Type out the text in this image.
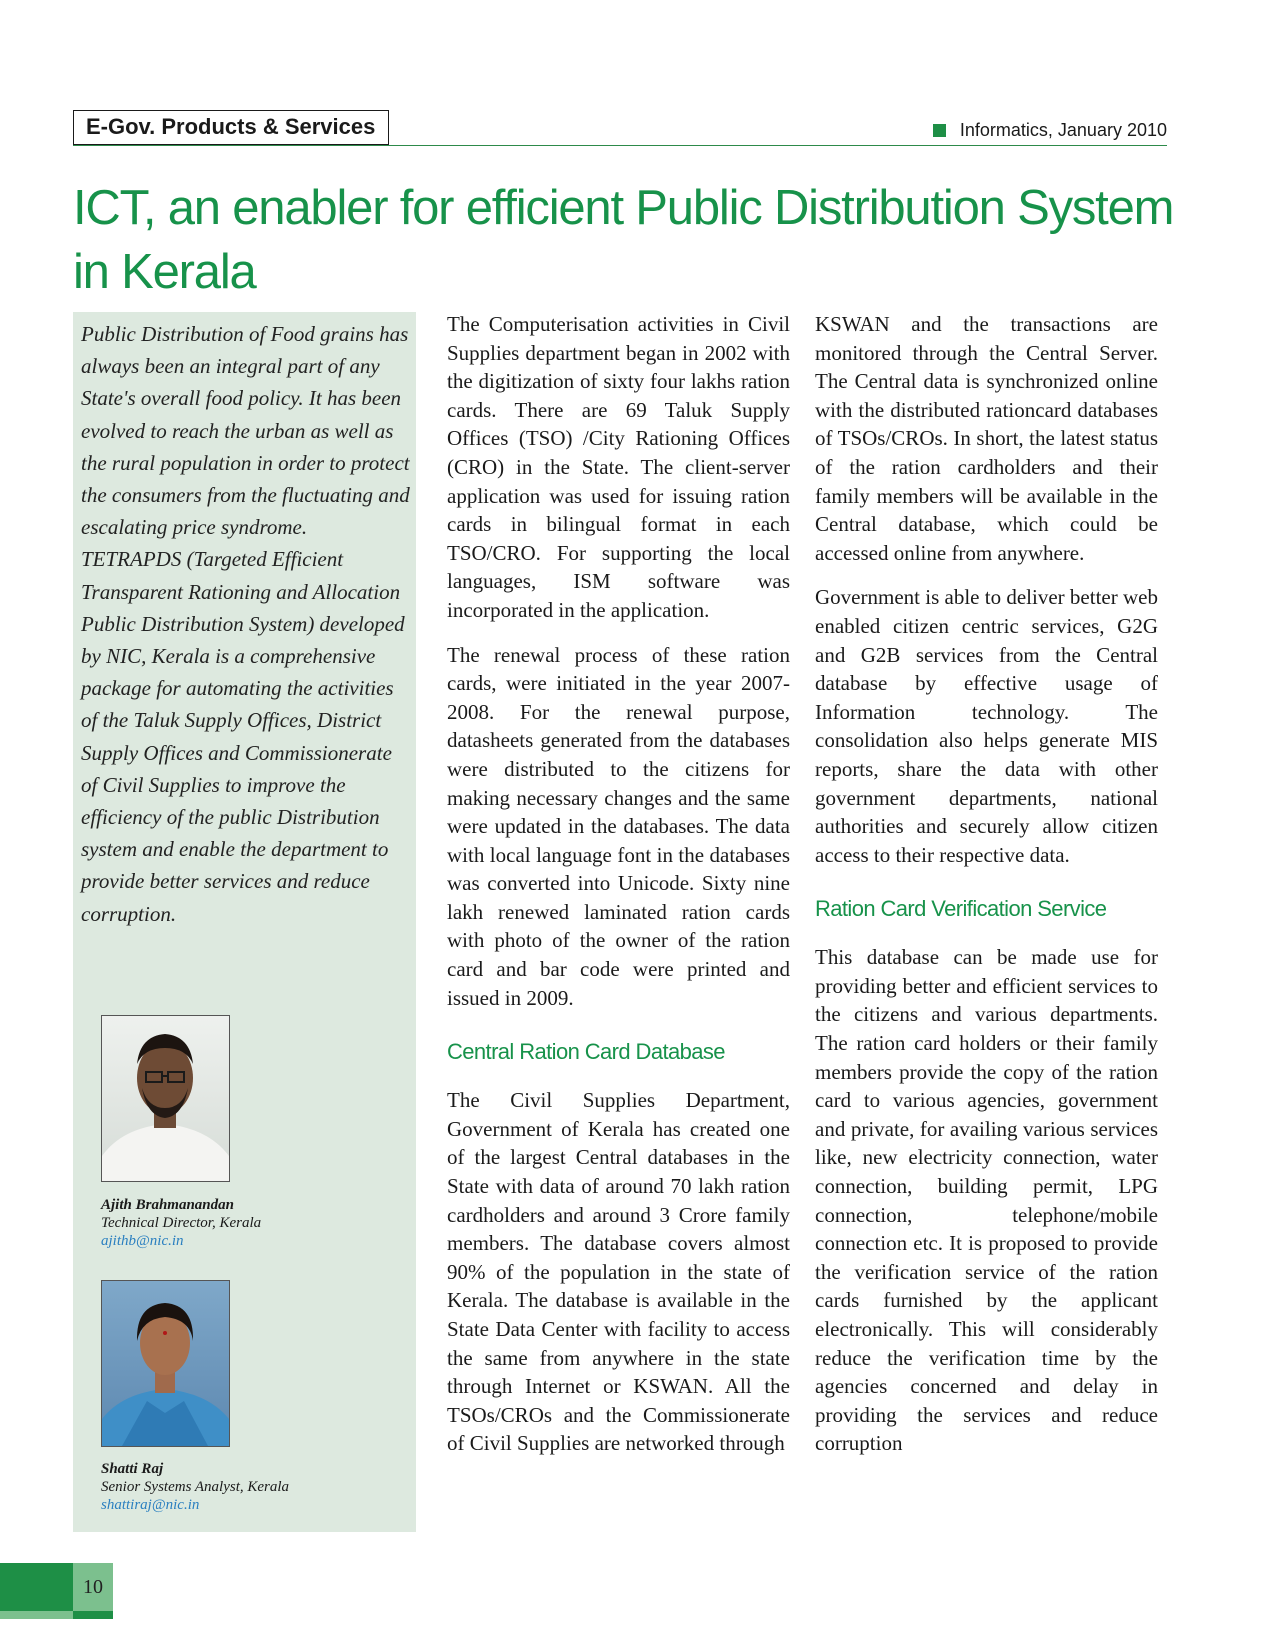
E-Gov. Products & Services	Informatics, January 2010
ICT, an enabler for efficient Public Distribution System in Kerala

Public Distribution of Food grains has always been an integral part of any State's overall food policy. It has been evolved to reach the urban as well as the rural population in order to protect the consumers from the fluctuating and escalating price syndrome. TETRAPDS (Targeted Efficient Transparent Rationing and Allocation Public Distribution System) developed by NIC, Kerala is a comprehensive package for automating the activities of the Taluk Supply Offices, District Supply Offices and Commissionerate of Civil Supplies to improve the efficiency of the public Distribution system and enable the department to provide better services and reduce corruption.

Ajith Brahmanandan
Technical Director, Kerala
ajithb@nic.in
Shatti Raj
Senior Systems Analyst, Kerala
shattiraj@nic.in

The Computerisation activities in Civil Supplies department began in 2002 with the digitization of sixty four lakhs ration cards. There are 69 Taluk Supply Offices (TSO) /City Rationing Offices (CRO) in the State. The client-server application was used for issuing ration cards in bilingual format in each TSO/CRO. For supporting the local languages, ISM software was incorporated in the application.

The renewal process of these ration cards, were initiated in the year 2007-2008. For the renewal purpose, datasheets generated from the databases were distributed to the citizens for making necessary changes and the same were updated in the databases. The data with local language font in the databases was converted into Unicode. Sixty nine lakh renewed laminated ration cards with photo of the owner of the ration card and bar code were printed and issued in 2009.

Central Ration Card Database

The Civil Supplies Department, Government of Kerala has created one of the largest Central databases in the State with data of around 70 lakh ration cardholders and around 3 Crore family members. The database covers almost 90% of the population in the state of Kerala. The database is available in the State Data Center with facility to access the same from anywhere in the state through Internet or KSWAN. All the TSOs/CROs and the Commissionerate of Civil Supplies are networked through

KSWAN and the transactions are monitored through the Central Server. The Central data is synchronized online with the distributed rationcard databases of TSOs/CROs. In short, the latest status of the ration cardholders and their family members will be available in the Central database, which could be accessed online from anywhere.

Government is able to deliver better web enabled citizen centric services, G2G and G2B services from the Central database by effective usage of Information technology. The consolidation also helps generate MIS reports, share the data with other government departments, national authorities and securely allow citizen access to their respective data.

Ration Card Verification Service

This database can be made use for providing better and efficient services to the citizens and various departments. The ration card holders or their family members provide the copy of the ration card to various agencies, government and private, for availing various services like, new electricity connection, water connection, building permit, LPG connection, telephone/mobile connection etc. It is proposed to provide the verification service of the ration cards furnished by the applicant electronically. This will considerably reduce the verification time by the agencies concerned and delay in providing the services and reduce corruption

10
